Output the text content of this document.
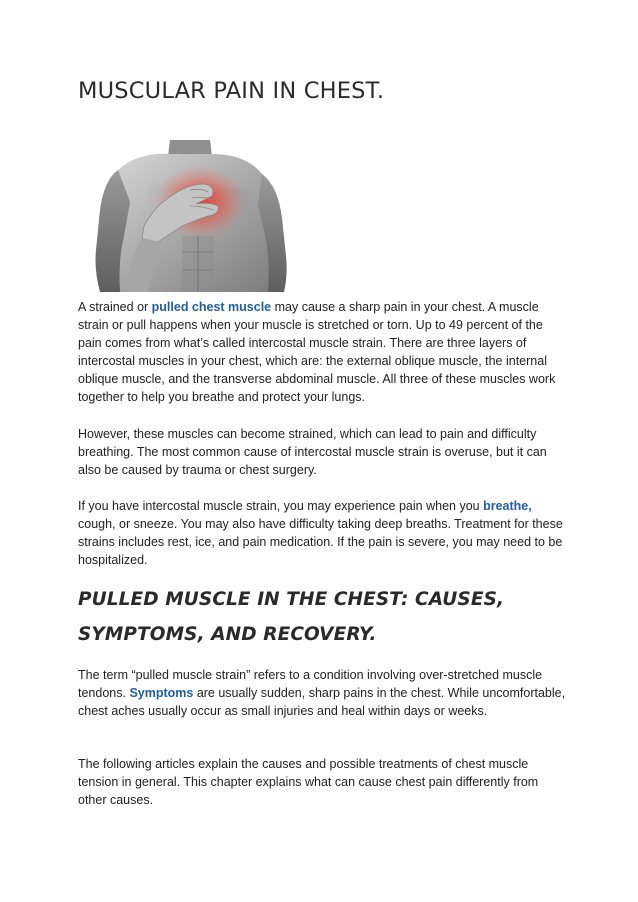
MUSCULAR PAIN IN CHEST.

A strained or pulled chest muscle may cause a sharp pain in your chest. A muscle strain or pull happens when your muscle is stretched or torn. Up to 49 percent of the pain comes from what’s called intercostal muscle strain. There are three layers of intercostal muscles in your chest, which are: the external oblique muscle, the internal oblique muscle, and the transverse abdominal muscle. All three of these muscles work together to help you breathe and protect your lungs.

However, these muscles can become strained, which can lead to pain and difficulty breathing. The most common cause of intercostal muscle strain is overuse, but it can also be caused by trauma or chest surgery.

If you have intercostal muscle strain, you may experience pain when you breathe, cough, or sneeze. You may also have difficulty taking deep breaths. Treatment for these strains includes rest, ice, and pain medication. If the pain is severe, you may need to be hospitalized.

PULLED MUSCLE IN THE CHEST: CAUSES, SYMPTOMS, AND RECOVERY.

The term “pulled muscle strain” refers to a condition involving over-stretched muscle tendons. Symptoms are usually sudden, sharp pains in the chest. While uncomfortable, chest aches usually occur as small injuries and heal within days or weeks.

The following articles explain the causes and possible treatments of chest muscle tension in general. This chapter explains what can cause chest pain differently from other causes.
